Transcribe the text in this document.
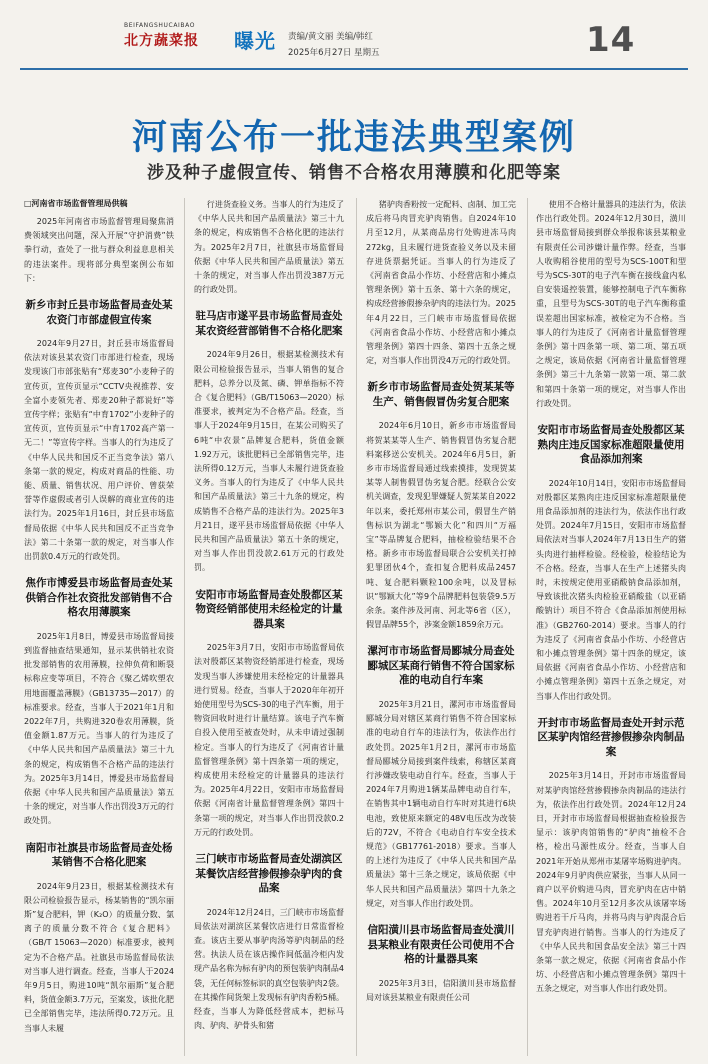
BEIFANGSHUCAIBAO
北方蔬菜报	曝光 责编/黄文丽 美编/韩红
2025年6月27日 星期五	14
河南公布一批违法典型案例
涉及种子虚假宣传、销售不合格农用薄膜和化肥等案
□河南省市场监督管理局供稿

2025年河南省市场监督管理局聚焦消费领域突出问题，深入开展“守护消费”铁拳行动，查处了一批与群众利益息息相关的违法案件。现将部分典型案例公布如下：

新乡市封丘县市场监督局查处某农资门市部虚假宣传案

2024年9月27日，封丘县市场监督局依法对该县某农资门市部进行检查，现场发现该门市部张贴有“郑麦30”小麦种子的宣传页，宣传页显示“CCTV央视推荐、安全富小麦领先者、郑麦20种子都说好”等宣传字样；张贴有“中育1702”小麦种子的宣传页，宣传页显示“中育1702高产第一无二！”等宣传字样。当事人的行为违反了《中华人民共和国反不正当竞争法》第八条第一款的规定，构成对商品的性能、功能、质量、销售状况、用户评价、曾获荣誉等作虚假或者引人误解的商业宣传的违法行为。2025年1月16日，封丘县市场监督局依据《中华人民共和国反不正当竞争法》第二十条第一款的规定，对当事人作出罚款0.4万元的行政处罚。

焦作市博爱县市场监督局查处某供销合作社农资批发部销售不合格农用薄膜案

2025年1月8日，博爱县市场监督局接到监督抽查结果通知，显示某供销社农资批发部销售的农用薄膜，拉伸负荷和断裂标称应变等项目，不符合《聚乙烯吹塑农用地面覆盖薄膜》（GB13735—2017）的标准要求。经查，当事人于2021年1月和2022年7月，共购进320卷农用薄膜，货值金额1.87万元。当事人的行为违反了《中华人民共和国产品质量法》第三十九条的规定，构成销售不合格产品的违法行为。2025年3月14日，博爱县市场监督局依据《中华人民共和国产品质量法》第五十条的规定，对当事人作出罚没3万元的行政处罚。

南阳市社旗县市场监督局查处杨某销售不合格化肥案

2024年9月23日，根据某检测技术有限公司检验报告显示，杨某销售的“凯尔丽斯”复合肥料，钾（K₂O）的质量分数、氯离子的质量分数不符合《复合肥料》（GB/T 15063—2020）标准要求，被判定为不合格产品。社旗县市场监督局依法对当事人进行调查。经查，当事人于2024年9月5日，购进10吨“凯尔丽斯”复合肥料，货值金额3.7万元，至案发，该批化肥已全部销售完毕，违法所得0.72万元。且当事人未履

行进货查验义务。当事人的行为违反了《中华人民共和国产品质量法》第三十九条的规定，构成销售不合格化肥的违法行为。2025年2月7日，社旗县市场监督局依据《中华人民共和国产品质量法》第五十条的规定，对当事人作出罚没387万元的行政处罚。

驻马店市遂平县市场监督局查处某农资经营部销售不合格化肥案

2024年9月26日，根据某检测技术有限公司检验报告显示，当事人销售的复合肥料，总养分以及氮、磷、钾单指标不符合《复合肥料》（GB/T15063—2020）标准要求，被判定为不合格产品。经查，当事人于2024年9月15日，在某公司购买了6吨“中农景”品牌复合肥料，货值金额1.92万元，该批肥料已全部销售完毕，违法所得0.12万元，当事人未履行进货查验义务。当事人的行为违反了《中华人民共和国产品质量法》第三十九条的规定，构成销售不合格产品的违法行为。2025年3月21日，遂平县市场监督局依据《中华人民共和国产品质量法》第五十条的规定，对当事人作出罚没款2.61万元的行政处罚。

安阳市市场监督局查处殷都区某物资经销部使用未经检定的计量器具案

2025年3月7日，安阳市市场监督局依法对殷都区某物资经销部进行检查，现场发现当事人涉嫌使用未经检定的计量器具进行贸易。经查，当事人于2020年年初开始使用型号为SCS-30的电子汽车衡，用于物资回收时进行计量结算。该电子汽车衡自投入使用至被查处时，从未申请过强制检定。当事人的行为违反了《河南省计量监督管理条例》第十四条第一项的规定，构成使用未经检定的计量器具的违法行为。2025年4月22日，安阳市市场监督局依据《河南省计量监督管理条例》第四十条第一项的规定，对当事人作出罚没款0.2万元的行政处罚。

三门峡市市场监督局查处湖滨区某餐饮店经营掺假掺杂驴肉的食品案

2024年12月24日，三门峡市市场监督局依法对湖滨区某餐饮店进行日常监督检查。该店主要从事驴肉汤等驴肉制品的经营。执法人员在该店操作间低温冷柜内发现产品名称为标有驴肉的预包装驴肉制品4袋，无任何标签标识的真空包装驴肉2袋。在其操作间货架上发现标有驴肉香粉5桶。经查，当事人为降低经营成本，把标马肉、驴肉、驴骨头和猪

猪驴肉香粉按一定配料、卤制、加工完成后将马肉冒充驴肉销售。自2024年10月至12月，从某商品房行处购进冻马肉272kg，且未履行进货查验义务以及未留存进货票据凭证。当事人的行为违反了《河南省食品小作坊、小经营店和小摊点管理条例》第十五条、第十六条的规定，构成经营掺假掺杂驴肉的违法行为。2025年4月22日，三门峡市市场监督局依据《河南省食品小作坊、小经营店和小摊点管理条例》第四十四条、第四十五条之规定，对当事人作出罚没4万元的行政处罚。

新乡市市场监督局查处贺某某等生产、销售假冒伪劣复合肥案

2024年6月10日，新乡市市场监督局将贺某某等人生产、销售假冒伪劣复合肥料案移送公安机关。2024年6月5日，新乡市市场监督局通过线索摸排，发现贺某某等人制售假冒伪劣复合肥。经联合公安机关调查，发现犯罪嫌疑人贺某某自2022年以来，委托郑州市某公司，假冒生产销售标识为湖北“鄂颖大化”和四川“万福宝”等品牌复合肥料，抽检检验结果不合格。新乡市市场监督局联合公安机关打掉犯罪团伙4个，查扣复合肥料成品2457吨、复合肥料颗粒100余吨，以及冒标识“鄂颖大化”等9个品牌肥料包装袋9.5万余条。案件涉及河南、河北等6省（区），假冒品牌55个，涉案金额1859余万元。

漯河市市场监督局郾城分局查处郾城区某商行销售不符合国家标准的电动自行车案

2025年3月21日，漯河市市场监督局郾城分局对辖区某商行销售不符合国家标准的电动自行车的违法行为，依法作出行政处罚。2025年1月2日，漯河市市场监督局郾城分局接到案件线索，称辖区某商行涉嫌改装电动自行车。经查，当事人于2024年7月购进1辆某品牌电动自行车，在销售其中1辆电动自行车时对其进行6块电池，致使原来额定的48V电压改为改装后的72V，不符合《电动自行车安全技术规范》（GB17761-2018）要求。当事人的上述行为违反了《中华人民共和国产品质量法》第十三条之规定，该局依据《中华人民共和国产品质量法》第四十九条之规定，对当事人作出行政处罚。

信阳潢川县市场监督局查处潢川县某粮业有限责任公司使用不合格的计量器具案

2025年3月3日，信阳潢川县市场监督局对该县某粮业有限责任公司

使用不合格计量器具的违法行为，依法作出行政处罚。2024年12月30日，潢川县市场监督局接到群众举报称该县某粮业有限责任公司涉嫌计量作弊。经查，当事人收购稻谷使用的型号为SCS-100T和型号为SCS-30T的电子汽车衡在接线盒内私自安装遥控装置，能够控制电子汽车衡称重，且型号为SCS-30T的电子汽车衡称重误差超出国家标准，被检定为不合格。当事人的行为违反了《河南省计量监督管理条例》第十四条第一项、第二项、第五项之规定，该局依据《河南省计量监督管理条例》第三十九条第一款第一项、第二款和第四十条第一项的规定，对当事人作出行政处罚。

安阳市市场监督局查处殷都区某熟肉庄违反国家标准超限量使用食品添加剂案

2024年10月14日，安阳市市场监督局对殷都区某熟肉庄违反国家标准超限量使用食品添加剂的违法行为，依法作出行政处罚。2024年7月15日，安阳市市场监督局依法对当事人2024年7月13日生产的猪头肉进行抽样检验。经检验，检验结论为不合格。经查，当事人在生产上述猪头肉时，未按规定使用亚硝酸钠食品添加剂，导致该批次猪头肉检验亚硝酸盐（以亚硝酸钠计）项目不符合《食品添加剂使用标准》（GB2760-2014）要求。当事人的行为违反了《河南省食品小作坊、小经营店和小摊点管理条例》第十四条的规定，该局依据《河南省食品小作坊、小经营店和小摊点管理条例》第四十五条之规定，对当事人作出行政处罚。

开封市市场监督局查处开封示范区某驴肉馆经营掺假掺杂肉制品案

2025年3月14日，开封市市场监督局对某驴肉馆经营掺假掺杂肉制品的违法行为，依法作出行政处罚。2024年12月24日，开封市市场监督局根据抽查检验报告显示：该驴肉馆销售的“驴肉”抽检不合格，检出马源性成分。经查，当事人自2021年开始从郑州市某屠宰场购进驴肉。2024年9月驴肉供应紧张，当事人从同一商户以平价购进马肉，冒充驴肉在店中销售。2024年10月至12月多次从该屠宰场购进若干斤马肉，并将马肉与驴肉混合后冒充驴肉进行销售。当事人的行为违反了《中华人民共和国食品安全法》第三十四条第一款之规定，依据《河南省食品小作坊、小经营店和小摊点管理条例》第四十五条之规定，对当事人作出行政处罚。
